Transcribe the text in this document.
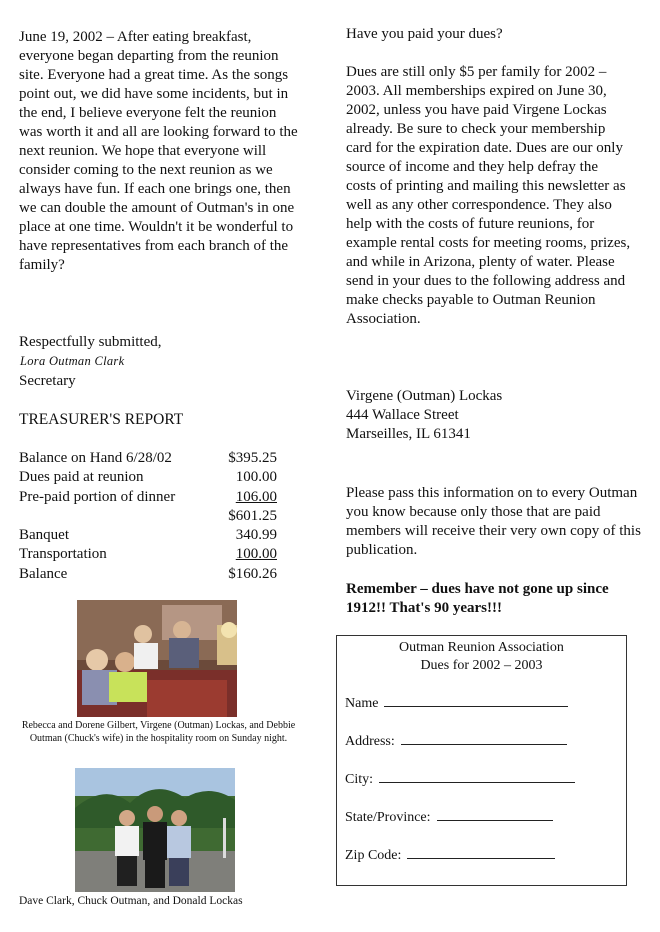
June 19, 2002 – After eating breakfast, everyone began departing from the reunion site. Everyone had a great time. As the songs point out, we did have some incidents, but in the end, I believe everyone felt the reunion was worth it and all are looking forward to the next reunion. We hope that everyone will consider coming to the next reunion as we always have fun. If each one brings one, then we can double the amount of Outman's in one place at one time. Wouldn't it be wonderful to have representatives from each branch of the family?

Respectfully submitted,
Lora Outman Clark
Secretary
TREASURER'S REPORT
Balance on Hand 6/28/02	$395.25
Dues paid at reunion	100.00
Pre-paid portion of dinner	106.00
$601.25
Banquet	340.99
Transportation	100.00
Balance	$160.26
Rebecca and Dorene Gilbert, Virgene (Outman) Lockas, and Debbie Outman (Chuck's wife) in the hospitality room on Sunday night.
Dave Clark, Chuck Outman, and Donald Lockas
Have you paid your dues?

Dues are still only $5 per family for 2002 – 2003. All memberships expired on June 30, 2002, unless you have paid Virgene Lockas already. Be sure to check your membership card for the expiration date. Dues are our only source of income and they help defray the costs of printing and mailing this newsletter as well as any other correspondence. They also help with the costs of future reunions, for example rental costs for meeting rooms, prizes, and while in Arizona, plenty of water. Please send in your dues to the following address and make checks payable to Outman Reunion Association.

Virgene (Outman) Lockas
444 Wallace Street
Marseilles, IL 61341

Please pass this information on to every Outman you know because only those that are paid members will receive their very own copy of this publication.

Remember – dues have not gone up since 1912!! That's 90 years!!!

Outman Reunion Association
Dues for 2002 – 2003
Name
Address:
City:
State/Province:
Zip Code:
